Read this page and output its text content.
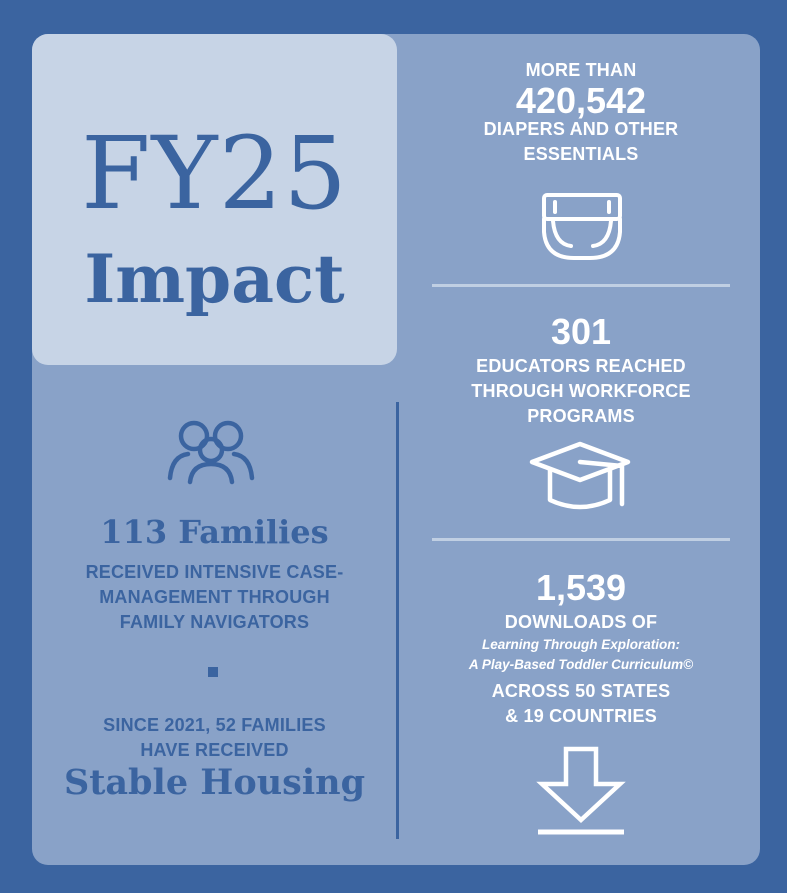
FY25
Impact
MORE THAN
420,542
DIAPERS AND OTHER
ESSENTIALS
301
EDUCATORS REACHED
THROUGH WORKFORCE
PROGRAMS
1,539
DOWNLOADS OF
Learning Through Exploration:
A Play-Based Toddler Curriculum©
ACROSS 50 STATES
& 19 COUNTRIES
113 Families
RECEIVED INTENSIVE CASE-
MANAGEMENT THROUGH
FAMILY NAVIGATORS
SINCE 2021, 52 FAMILIES
HAVE RECEIVED
Stable Housing
